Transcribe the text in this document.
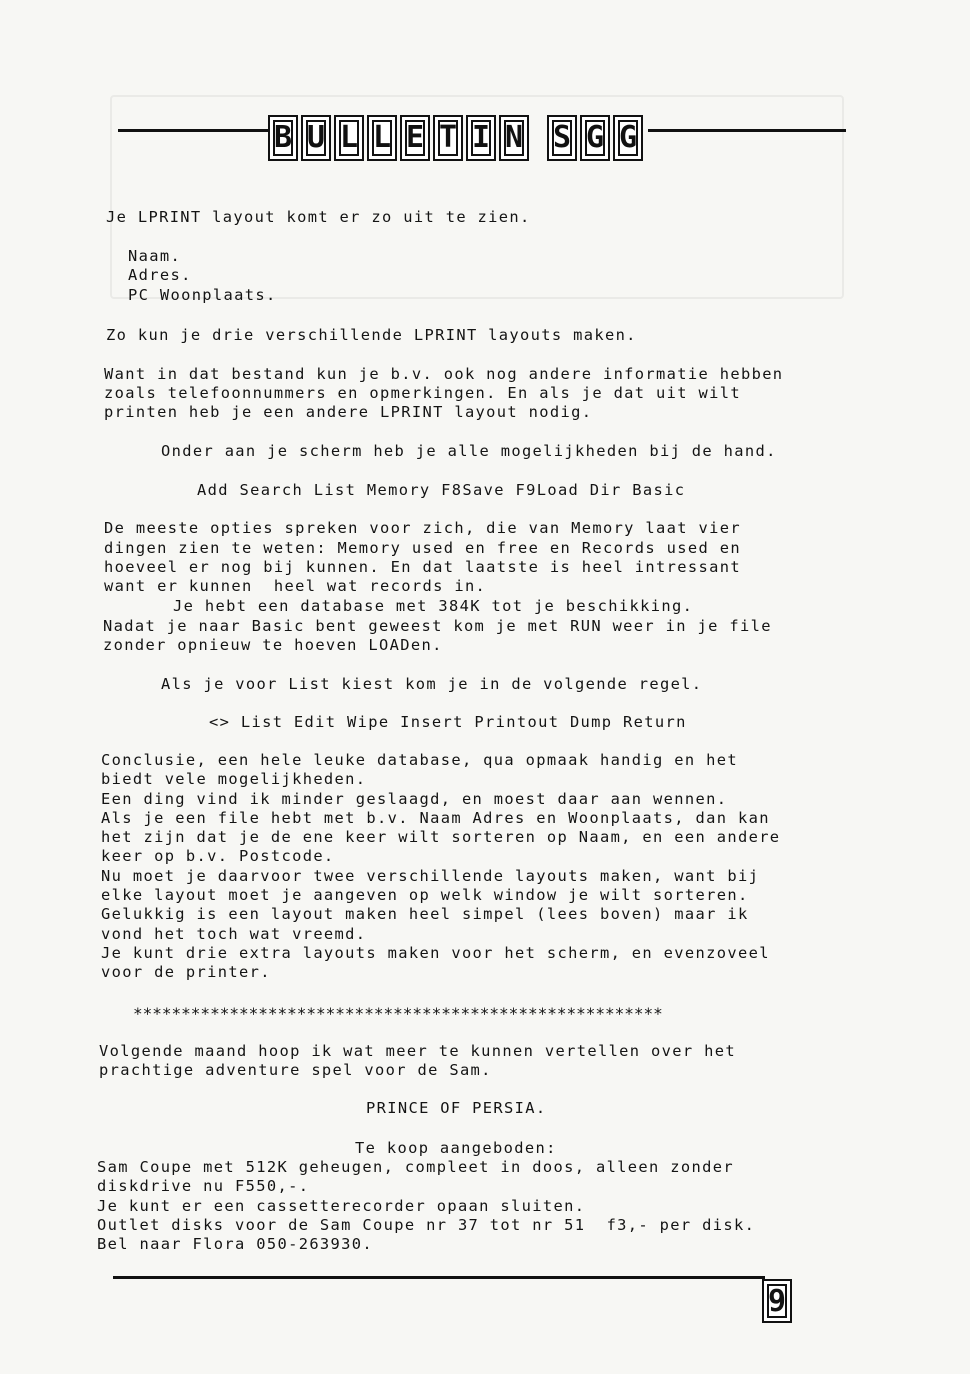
B U L L E T I N S G G
Je LPRINT layout komt er zo uit te zien.
Naam.
Adres.
PC Woonplaats.
Zo kun je drie verschillende LPRINT layouts maken.
Want in dat bestand kun je b.v. ook nog andere informatie hebben
zoals telefoonnummers en opmerkingen. En als je dat uit wilt
printen heb je een andere LPRINT layout nodig.
Onder aan je scherm heb je alle mogelijkheden bij de hand.
Add Search List Memory F8Save F9Load Dir Basic
De meeste opties spreken voor zich, die van Memory laat vier
dingen zien te weten: Memory used en free en Records used en
hoeveel er nog bij kunnen. En dat laatste is heel intressant
want er kunnen  heel wat records in.
Je hebt een database met 384K tot je beschikking.
Nadat je naar Basic bent geweest kom je met RUN weer in je file
zonder opnieuw te hoeven LOADen.
Als je voor List kiest kom je in de volgende regel.
<> List Edit Wipe Insert Printout Dump Return
Conclusie, een hele leuke database, qua opmaak handig en het
biedt vele mogelijkheden.
Een ding vind ik minder geslaagd, en moest daar aan wennen.
Als je een file hebt met b.v. Naam Adres en Woonplaats, dan kan
het zijn dat je de ene keer wilt sorteren op Naam, en een andere
keer op b.v. Postcode.
Nu moet je daarvoor twee verschillende layouts maken, want bij
elke layout moet je aangeven op welk window je wilt sorteren.
Gelukkig is een layout maken heel simpel (lees boven) maar ik
vond het toch wat vreemd.
Je kunt drie extra layouts maken voor het scherm, en evenzoveel
voor de printer.
*******************************************************
Volgende maand hoop ik wat meer te kunnen vertellen over het
prachtige adventure spel voor de Sam.
PRINCE OF PERSIA.
Te koop aangeboden:
Sam Coupe met 512K geheugen, compleet in doos, alleen zonder
diskdrive nu F550,-.
Je kunt er een cassetterecorder opaan sluiten.
Outlet disks voor de Sam Coupe nr 37 tot nr 51  f3,- per disk.
Bel naar Flora 050-263930.
9
